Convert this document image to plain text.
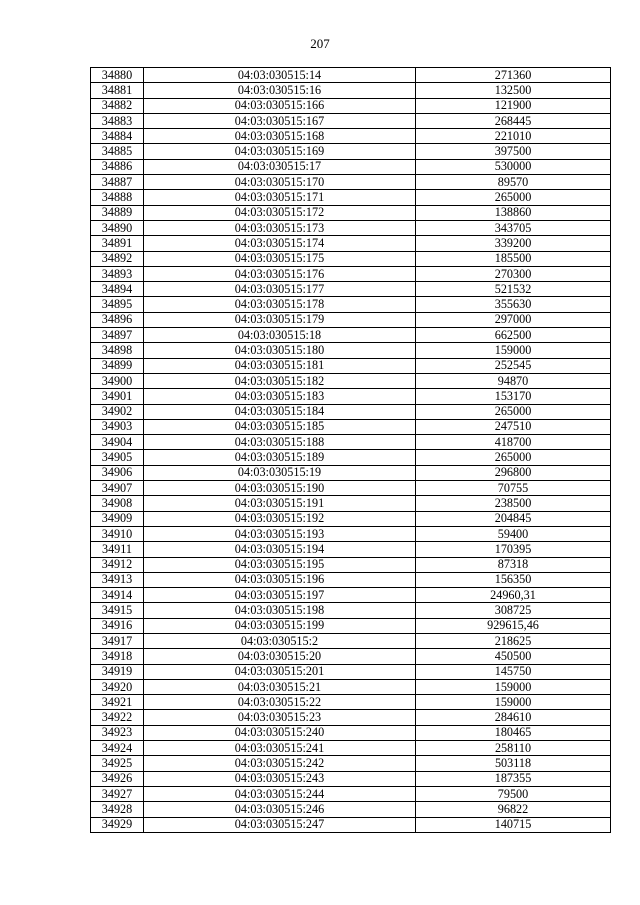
207
34880	04:03:030515:14	271360
34881	04:03:030515:16	132500
34882	04:03:030515:166	121900
34883	04:03:030515:167	268445
34884	04:03:030515:168	221010
34885	04:03:030515:169	397500
34886	04:03:030515:17	530000
34887	04:03:030515:170	89570
34888	04:03:030515:171	265000
34889	04:03:030515:172	138860
34890	04:03:030515:173	343705
34891	04:03:030515:174	339200
34892	04:03:030515:175	185500
34893	04:03:030515:176	270300
34894	04:03:030515:177	521532
34895	04:03:030515:178	355630
34896	04:03:030515:179	297000
34897	04:03:030515:18	662500
34898	04:03:030515:180	159000
34899	04:03:030515:181	252545
34900	04:03:030515:182	94870
34901	04:03:030515:183	153170
34902	04:03:030515:184	265000
34903	04:03:030515:185	247510
34904	04:03:030515:188	418700
34905	04:03:030515:189	265000
34906	04:03:030515:19	296800
34907	04:03:030515:190	70755
34908	04:03:030515:191	238500
34909	04:03:030515:192	204845
34910	04:03:030515:193	59400
34911	04:03:030515:194	170395
34912	04:03:030515:195	87318
34913	04:03:030515:196	156350
34914	04:03:030515:197	24960,31
34915	04:03:030515:198	308725
34916	04:03:030515:199	929615,46
34917	04:03:030515:2	218625
34918	04:03:030515:20	450500
34919	04:03:030515:201	145750
34920	04:03:030515:21	159000
34921	04:03:030515:22	159000
34922	04:03:030515:23	284610
34923	04:03:030515:240	180465
34924	04:03:030515:241	258110
34925	04:03:030515:242	503118
34926	04:03:030515:243	187355
34927	04:03:030515:244	79500
34928	04:03:030515:246	96822
34929	04:03:030515:247	140715
